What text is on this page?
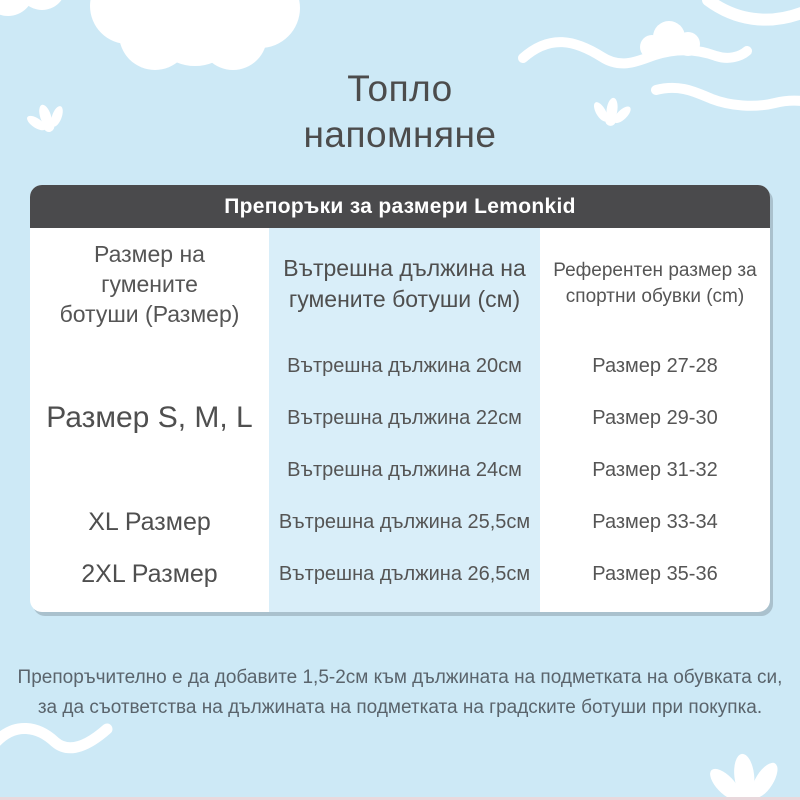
Топло
напомняне
Препоръки за размери Lemonkid
Размер на
гумените
ботуши (Размер)
Вътрешна дължина на
гумените ботуши (см)
Референтен размер за
спортни обувки (cm)
Размер S, M, L
XL Размер
2XL Размер
Вътрешна дължина 20см
Вътрешна дължина 22см
Вътрешна дължина 24см
Вътрешна дължина 25,5см
Вътрешна дължина 26,5см
Размер 27-28
Размер 29-30
Размер 31-32
Размер 33-34
Размер 35-36
Препоръчително е да добавите 1,5-2см към дължината на подметката на обувката си,
за да съответства на дължината на подметката на градските ботуши при покупка.
